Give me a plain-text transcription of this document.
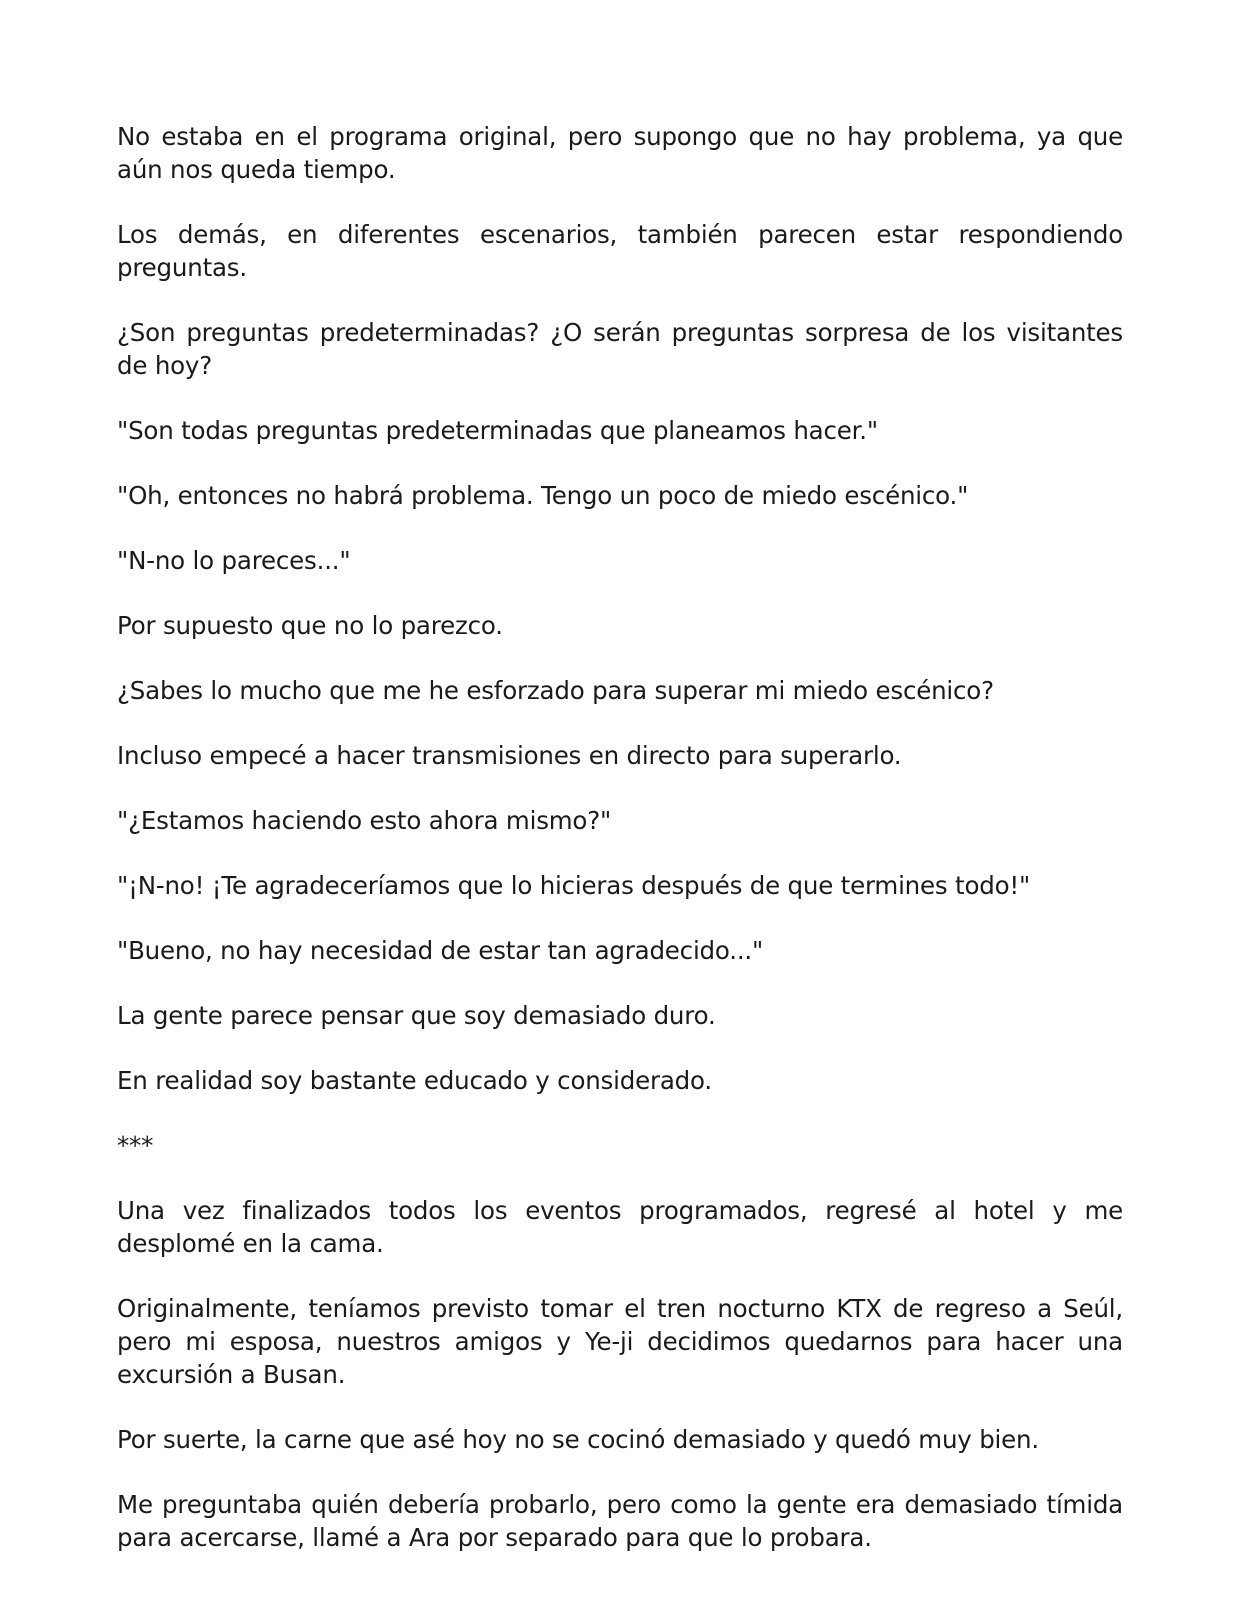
No estaba en el programa original, pero supongo que no hay problema, ya que aún nos queda tiempo.

Los demás, en diferentes escenarios, también parecen estar respondiendo preguntas.

¿Son preguntas predeterminadas? ¿O serán preguntas sorpresa de los visitantes de hoy?

"Son todas preguntas predeterminadas que planeamos hacer."

"Oh, entonces no habrá problema. Tengo un poco de miedo escénico."

"N-no lo pareces..."

Por supuesto que no lo parezco.

¿Sabes lo mucho que me he esforzado para superar mi miedo escénico?

Incluso empecé a hacer transmisiones en directo para superarlo.

"¿Estamos haciendo esto ahora mismo?"

"¡N-no! ¡Te agradeceríamos que lo hicieras después de que termines todo!"

"Bueno, no hay necesidad de estar tan agradecido..."

La gente parece pensar que soy demasiado duro.

En realidad soy bastante educado y considerado.

***

Una vez finalizados todos los eventos programados, regresé al hotel y me desplomé en la cama.

Originalmente, teníamos previsto tomar el tren nocturno KTX de regreso a Seúl, pero mi esposa, nuestros amigos y Ye-ji decidimos quedarnos para hacer una excursión a Busan.

Por suerte, la carne que asé hoy no se cocinó demasiado y quedó muy bien.

Me preguntaba quién debería probarlo, pero como la gente era demasiado tímida para acercarse, llamé a Ara por separado para que lo probara.
